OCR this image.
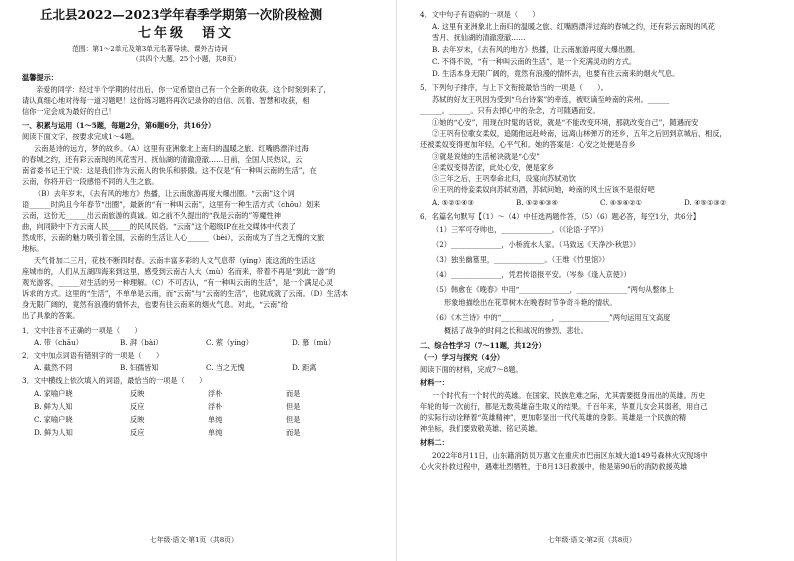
丘北县2022—2023学年春季学期第一次阶段检测
七年级　语文
范围：第1～2单元及第3单元名著导读、课外古诗词
（共四个大题，25个小题，共8页）
温馨提示：
亲爱的同学：经过半个学期的付出后，你一定希望自己有一个全新的收获。这个时刻到来了，
请认真细心地对待每一道习题吧！这份练习题将再次记录你的自信、沉着、智慧和收获，相
信你一定会成为最好的自己！
一、积累与运用（1～5题，每题2分，第6题6分，共16分）
阅读下面文字，按要求完成1～4题。
云南是诗的远方，梦的故乡。（A）这里有亚洲象北上南归的温暖之旅、红嘴鸥漂洋过海
的春城之约，还有彩云南现的风花雪月、抚仙湖的清澈澄澈……日前，全国人民热议，云
南省委书记王宁说：这是我们作为云南人的快乐和骄傲。这不仅是“有一种叫云南的生活”，在
云南，你将开启一段感悟不同的人生之旅。
（B）去年岁末，《去有风的地方》热播，让云南旅游再度大爆出圈。“云南”这个词
语______时尚且今年春节“出圈”，最新的“有一种叫云南”，这里有一种生活方式（chōu）划来
云南，这份无______出云南旅游的真诚。如之前不久提出的“我是云南的”等魔性神
曲，向同龄中下方云南人民______的民风民俗。“云南”这个超级IP在社交媒体中代表了
然成形，云南的魅力吸引着全国，云南的生活让人心______（bèi），云南成为了当之无愧的文旅
地标。
天气骨加二三月，花枝不断四时春。云南丰富多彩的人文气息带（yǐng）流这流的生活这
座城市的，人们从五湖四海来到这里，感受到云南古人大（mù）名而来，带着不再是“到此一游”的
观光游客，______对生活的另一种理解。（C）不可否认，“有一种叫云南的生活”，是一个满足心灵
诉求的方式。这里的“生活”，不单单是云南，而“云南”与“云南的生活”，也就成就了云南。（D）生活本
身无限广阔的，竟然有浪漫的情怀去，也要有往云南来的烟火气息。对此，“云南”给
出了具象的答案。
1．文中注音不正确的一项是（　　）
A. 带（chāu）	B. 湃（bài）	C. 萦（yíng）	D. 慕（mù）
2．文中加点词语有错别字的一项是（　　）
A. 截然不同	B. 妇孺皆知	C. 当之无愧	D. 距离
3．文中横线上依次填入的词语，最恰当的一项是（　　）
A. 家喻户晓	反映	浮朴	而是
B. 鲜为人知	反应	浮朴	但是
C. 家喻户晓	反映	单纯	但是
D. 鲜为人知	反应	单纯	而是
七年级·语文·第1页（共8页）
4．文中句子有语病的一项是（　　）
A. 这里有亚洲象北上南归的温暖之旅、红嘴鸥漂洋过海的春城之约，还有彩云南现的风花
雪月、抚仙湖的清澈澄澈……
B. 去年岁末，《去有风的地方》热播，让云南旅游再度大爆出圈。
C. 不得不说，“有一种叫云南的生活”，是一个充满灵动的方式。
D. 生活本身无限广阔的，竟然有浪漫的情怀去，也要有往云南来的烟火气息。
5．下列句子排序，与上下文衔接最恰当的一项是（　　）。
苏轼的好友王巩因为受到“乌台诗案”的牵连，被贬谪至岭南的宾州。______
______。______。只有去掉心中的杂念，方可随遇而安。
①她的“心安”，用现在时髦的话说，就是“不能改变环境，那就改变自己”，随遇而安
②王巩有位歌女柔奴，追随他远赴岭南，远离山林弹万的还乡，五年之后回到京城后，相反，
还被柔奴变得更加年轻，心平气和。她的答案是：心安之处便是吾乡
③就是说她的生活秘诀就是“心安”
④柔奴变得苦涩，此处心安，便是家乡
⑤三年之后，王巩奉命北归，设宴向苏轼劝饮
⑥王巩的侍妾柔奴向苏轼劝酒，苏轼问她，岭南的风土应该不是很好吧
A. ⑤②①④③	B. ⑤②⑥③④	C. ④⑤⑥②①	D. ④⑤①③②
6．名篇名句默写【（1）～（4）中任选两题作答，（5）（6）题必答，每空1分，共6分】
（1）三军可夺帅也，______________。（《论语·子罕》）
（2）______________，小桥流水人家。（马致远《天净沙·秋思》）
（3）独坐幽篁里，______________。（王维《竹里馆》）
（4）______________，凭君传语报平安。（岑参《逢入京使》）
（5）韩愈在《晚春》中用“______________，______________”两句从整体上
形象地描绘出在花草树木在晚春时节争奇斗艳的情状。
（6）《木兰诗》中的“______________，______________”两句运用互文高度
概括了战争的时间之长和战况的惨烈、悲壮。
二、综合性学习（7～11题，共12分）
（一）学习与探究（4分）
阅读下面的材料，完成7～8题。
材料一：
一个时代有一个时代的英雄。在国家、民族危难之际，尤其需要挺身而出的英雄。历史
年轮的每一次前行，都是无数英雄奋生取义的结果。千百年来，华夏儿女会其弱者，用自己
的实际行动诠释着“英雄精神”，更加彰显出一代代英雄的身影。英雄是一个民族的精
神坐标，我们要致敬英雄、铭记英雄。
材料二：
2022年8月11日，山东籍消防员万惠文在重庆市巴南区东城大道149号森林火灾现场中
心火灾扑救过程中，遇难壮烈牺牲，于8月13日救援中，他是第90后的消防救援英雄
七年级·语文·第2页（共8页）
